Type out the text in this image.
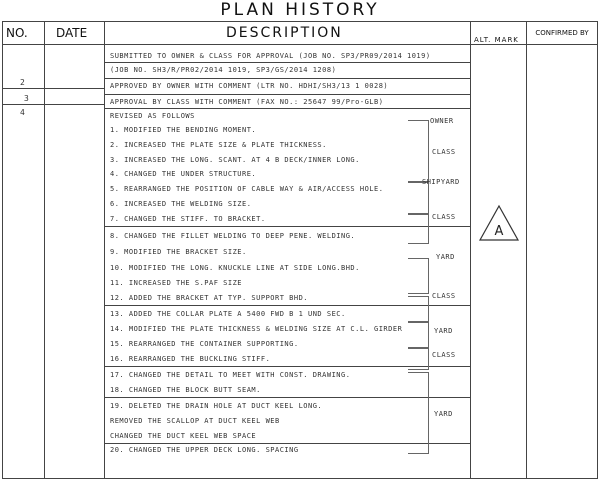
PLAN HISTORY
NO. DATE	DESCRIPTION	ALT. MARK
CONFIRMED BY
2
3
4
SUBMITTED TO OWNER & CLASS FOR APPROVAL (JOB NO. SP3/PR09/2014 1019)
(JOB NO. SH3/R/PR02/2014 1019, SP3/GS/2014 1208)
APPROVED BY OWNER WITH COMMENT (LTR NO. HDHI/SH3/13 1 0028)
APPROVAL BY CLASS WITH COMMENT (FAX NO.: 25647 99/Pro-GLB)
REVISED AS FOLLOWS
1. MODIFIED THE BENDING MOMENT.
2. INCREASED THE PLATE SIZE & PLATE THICKNESS.
3. INCREASED THE LONG. SCANT. AT 4 B DECK/INNER LONG.
4. CHANGED THE UNDER STRUCTURE.
5. REARRANGED THE POSITION OF CABLE WAY & AIR/ACCESS HOLE.
6. INCREASED THE WELDING SIZE.
7. CHANGED THE STIFF. TO BRACKET.
8. CHANGED THE FILLET WELDING TO DEEP PENE. WELDING.
9. MODIFIED THE BRACKET SIZE.
10. MODIFIED THE LONG. KNUCKLE LINE AT SIDE LONG.BHD.
11. INCREASED THE S.PAF SIZE
12. ADDED THE BRACKET AT TYP. SUPPORT BHD.
13. ADDED THE COLLAR PLATE A 5400 FWD B 1 UND SEC.
14. MODIFIED THE PLATE THICKNESS & WELDING SIZE AT C.L. GIRDER
15. REARRANGED THE CONTAINER SUPPORTING.
16. REARRANGED THE BUCKLING STIFF.
17. CHANGED THE DETAIL TO MEET WITH CONST. DRAWING.
18. CHANGED THE BLOCK BUTT SEAM.
19. DELETED THE DRAIN HOLE AT DUCT KEEL LONG.
REMOVED THE SCALLOP AT DUCT KEEL WEB
CHANGED THE DUCT KEEL WEB SPACE
20. CHANGED THE UPPER DECK LONG. SPACING
OWNER
CLASS
SHIPYARD
CLASS
YARD
CLASS
YARD
CLASS
YARD
A
